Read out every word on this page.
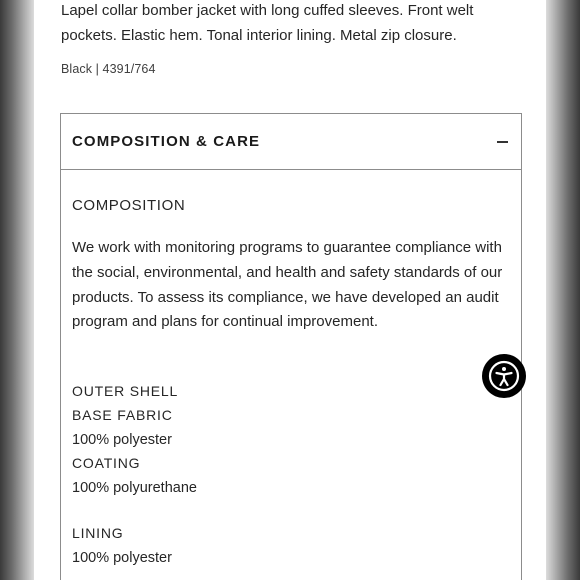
Lapel collar bomber jacket with long cuffed sleeves. Front welt pockets. Elastic hem. Tonal interior lining. Metal zip closure.

Black | 4391/764
COMPOSITION & CARE
COMPOSITION

We work with monitoring programs to guarantee compliance with the social, environmental, and health and safety standards of our products. To assess its compliance, we have developed an audit program and plans for continual improvement.

OUTER SHELL
BASE FABRIC
100% polyester
COATING
100% polyurethane
LINING
100% polyester
